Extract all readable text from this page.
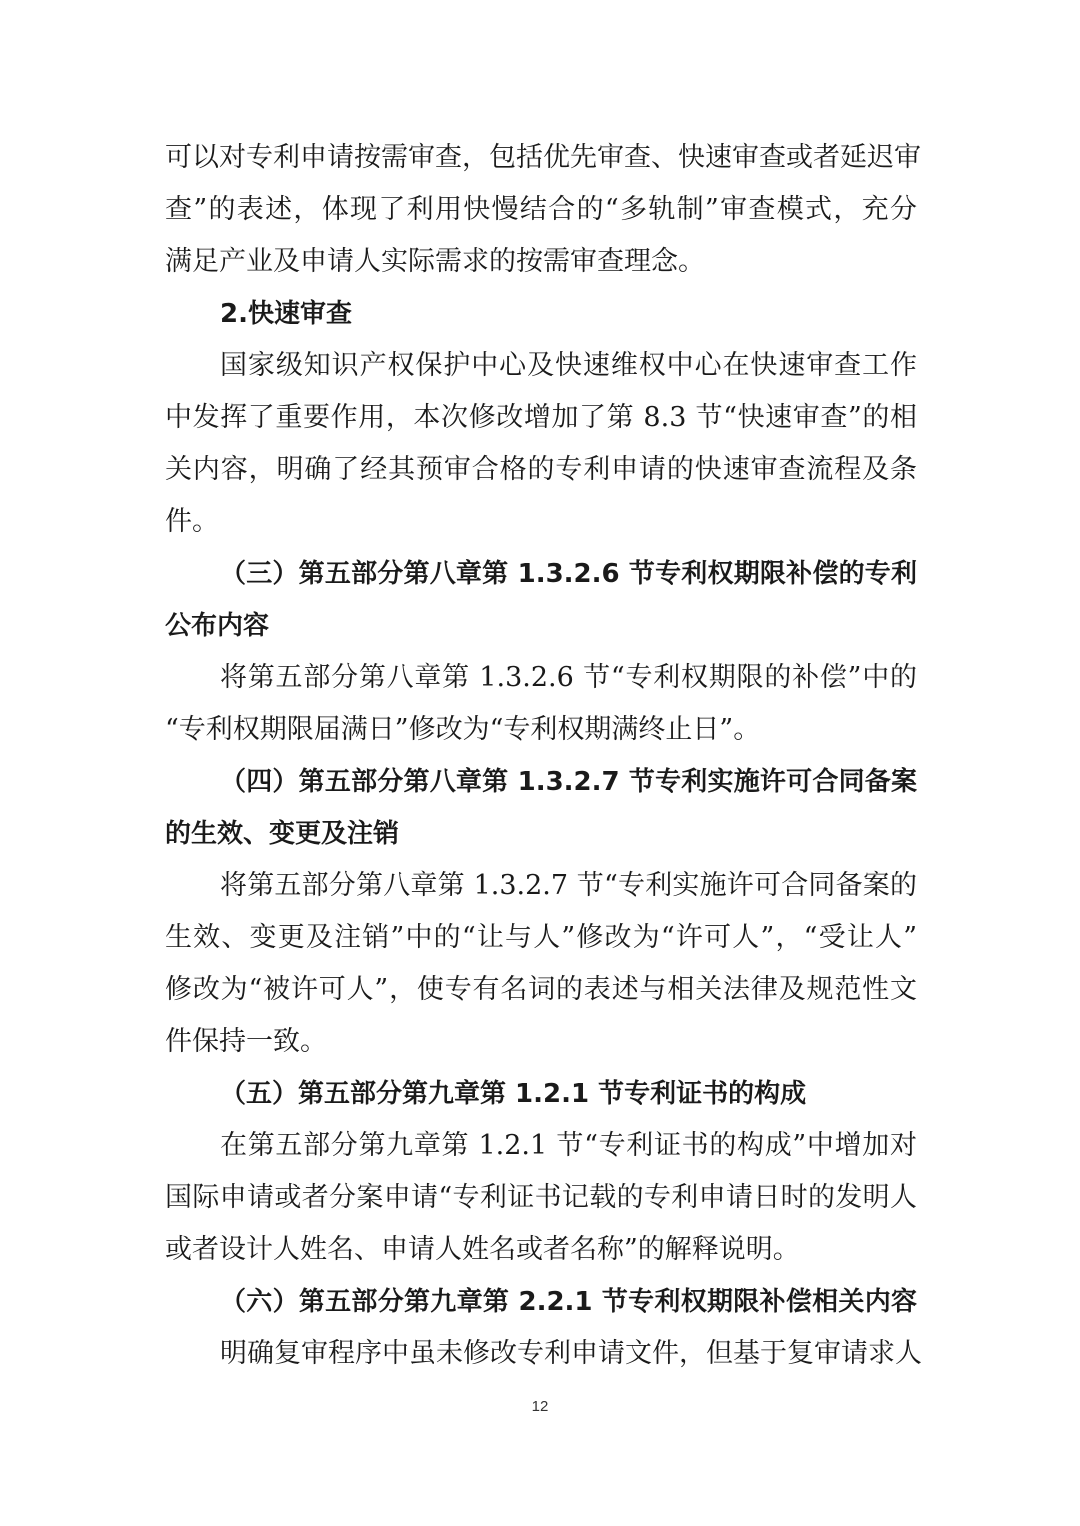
可以对专利申请按需审查，包括优先审查、快速审查或者延迟审
查”的表述，体现了利用快慢结合的“多轨制”审查模式，充分
满足产业及申请人实际需求的按需审查理念。
2.快速审查
国家级知识产权保护中心及快速维权中心在快速审查工作
中发挥了重要作用，本次修改增加了第 8.3 节“快速审查”的相
关内容，明确了经其预审合格的专利申请的快速审查流程及条
件。
（三）第五部分第八章第 1.3.2.6 节专利权期限补偿的专利
公布内容
将第五部分第八章第 1.3.2.6 节“专利权期限的补偿”中的
“专利权期限届满日”修改为“专利权期满终止日”。
（四）第五部分第八章第 1.3.2.7 节专利实施许可合同备案
的生效、变更及注销
将第五部分第八章第 1.3.2.7 节“专利实施许可合同备案的
生效、变更及注销”中的“让与人”修改为“许可人”，“受让人”
修改为“被许可人”，使专有名词的表述与相关法律及规范性文
件保持一致。
（五）第五部分第九章第 1.2.1 节专利证书的构成
在第五部分第九章第 1.2.1 节“专利证书的构成”中增加对
国际申请或者分案申请“专利证书记载的专利申请日时的发明人
或者设计人姓名、申请人姓名或者名称”的解释说明。
（六）第五部分第九章第 2.2.1 节专利权期限补偿相关内容
明确复审程序中虽未修改专利申请文件，但基于复审请求人
12
